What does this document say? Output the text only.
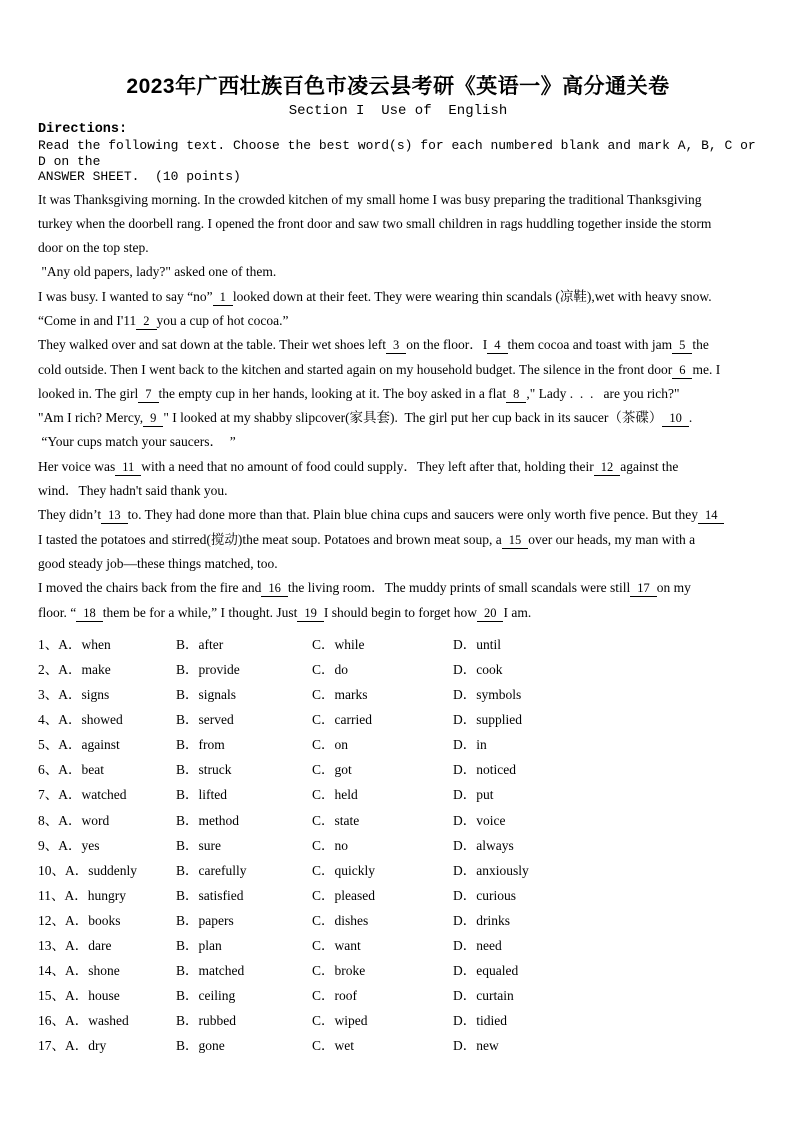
2023年广西壮族百色市凌云县考研《英语一》高分通关卷
Section I  Use of  English
Directions:
Read the following text. Choose the best word(s) for each numbered blank and mark A, B, C or D on the
ANSWER SHEET.  (10 points)
It was Thanksgiving morning. In the crowded kitchen of my small home I was busy preparing the traditional Thanksgiving
turkey when the doorbell rang. I opened the front door and saw two small children in rags huddling together inside the storm
door on the top step.
"Any old papers, lady?" asked one of them.
I was busy. I wanted to say “no” 1 looked down at their feet. They were wearing thin scandals (凉鞋),wet with heavy snow.
“Come in and I'11 2 you a cup of hot cocoa.”
They walked over and sat down at the table. Their wet shoes left 3 on the floor．I 4 them cocoa and toast with jam 5 the
cold outside. Then I went back to the kitchen and started again on my household budget. The silence in the front door 6 me. I
looked in. The girl 7 the empty cup in her hands, looking at it. The boy asked in a flat 8 ," Lady .  .  .   are you rich?"
"Am I rich? Mercy, 9 " I looked at my shabby slipcover(家具套).  The girl put her cup back in its saucer（茶碟） 10 .
“Your cups match your saucers．  ”
Her voice was 11 with a need that no amount of food could supply．They left after that, holding their 12 against the
wind．They hadn't said thank you.
They didn’t 13 to. They had done more than that. Plain blue china cups and saucers were only worth five pence. But they 14
I tasted the potatoes and stirred(搅动)the meat soup. Potatoes and brown meat soup, a 15 over our heads, my man with a
good steady job—these things matched, too.
I moved the chairs back from the fire and 16 the living room．The muddy prints of small scandals were still 17 on my
floor. “ 18 them be for a while,” I thought. Just 19 I should begin to forget how 20 I am.
1、A．when	B．after	C．while	D．until
2、A．make	B．provide	C．do	D．cook
3、A．signs	B．signals	C．marks	D．symbols
4、A．showed	B．served	C．carried	D．supplied
5、A．against	B．from	C．on	D．in
6、A．beat	B．struck	C．got	D．noticed
7、A．watched	B．lifted	C．held	D．put
8、A．word	B．method	C．state	D．voice
9、A．yes	B．sure	C．no	D．always
10、A．suddenly	B．carefully	C．quickly	D．anxiously
11、A．hungry	B．satisfied	C．pleased	D．curious
12、A．books	B．papers	C．dishes	D．drinks
13、A．dare	B．plan	C．want	D．need
14、A．shone	B．matched	C．broke	D．equaled
15、A．house	B．ceiling	C．roof	D．curtain
16、A．washed	B．rubbed	C．wiped	D．tidied
17、A．dry	B．gone	C．wet	D．new
